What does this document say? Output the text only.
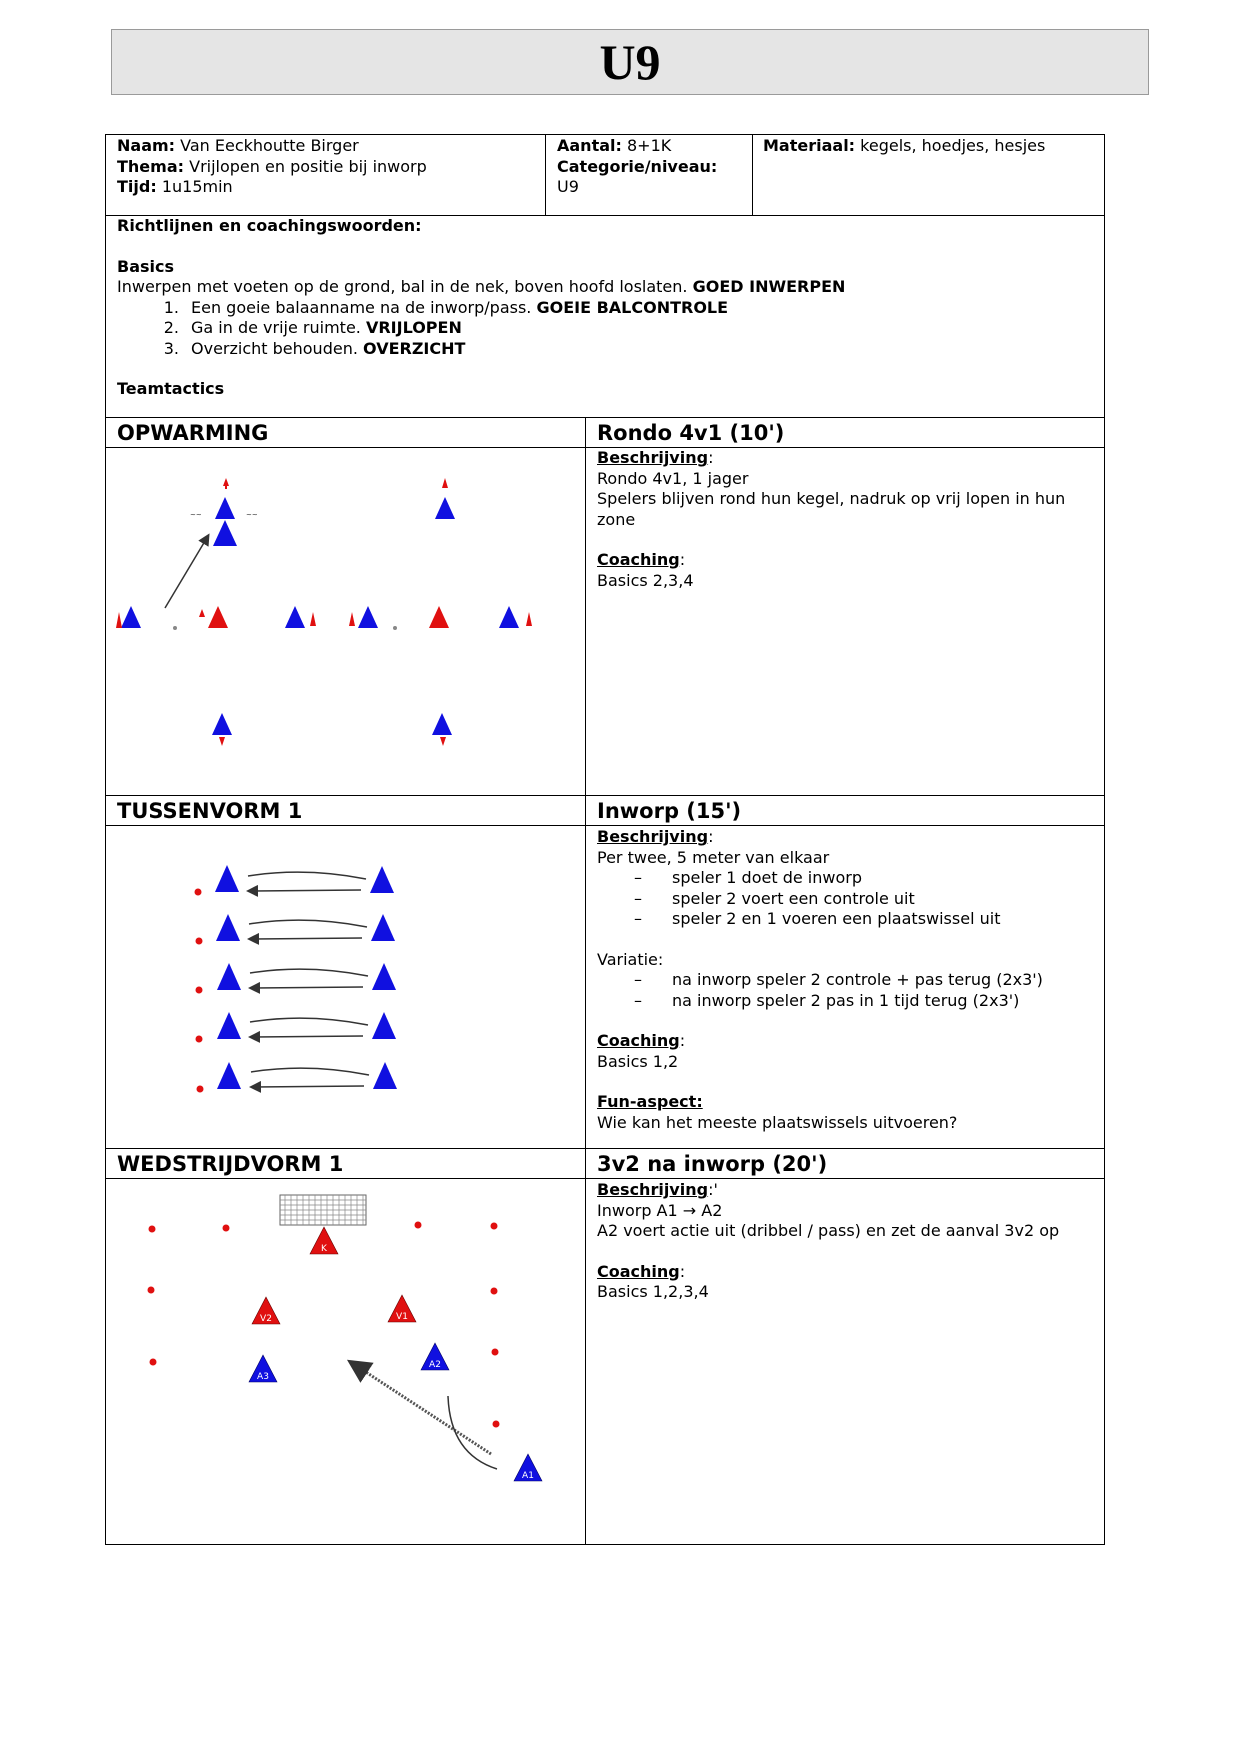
U9
Naam: Van Eeckhoutte Birger
Thema: Vrijlopen en positie bij inworp
Tijd: 1u15min
Aantal: 8+1K
Categorie/niveau:
U9
Materiaal: kegels, hoedjes, hesjes
Richtlijnen en coachingswoorden:
Basics
Inwerpen met voeten op de grond, bal in de nek, boven hoofd loslaten. GOED INWERPEN
1. Een goeie balaanname na de inworp/pass. GOEIE BALCONTROLE
2. Ga in de vrije ruimte. VRIJLOPEN
3. Overzicht behouden. OVERZICHT
Teamtactics
OPWARMING	Rondo 4v1 (10')
Beschrijving:
Rondo 4v1, 1 jager
Spelers blijven rond hun kegel, nadruk op vrij lopen in hun
zone
Coaching:
Basics 2,3,4
~~	~~
K
V2	V1
A3
A2
A1
TUSSENVORM 1	Inworp (15')
Beschrijving:
Per twee, 5 meter van elkaar
– speler 1 doet de inworp
– speler 2 voert een controle uit
– speler 2 en 1 voeren een plaatswissel uit
Variatie:
– na inworp speler 2 controle + pas terug (2x3')
– na inworp speler 2 pas in 1 tijd terug (2x3')
Coaching:
Basics 1,2
Fun-aspect:
Wie kan het meeste plaatswissels uitvoeren?
WEDSTRIJDVORM 1	3v2 na inworp (20')
Beschrijving:'
Inworp A1 → A2
A2 voert actie uit (dribbel / pass) en zet de aanval 3v2 op
Coaching:
Basics 1,2,3,4
